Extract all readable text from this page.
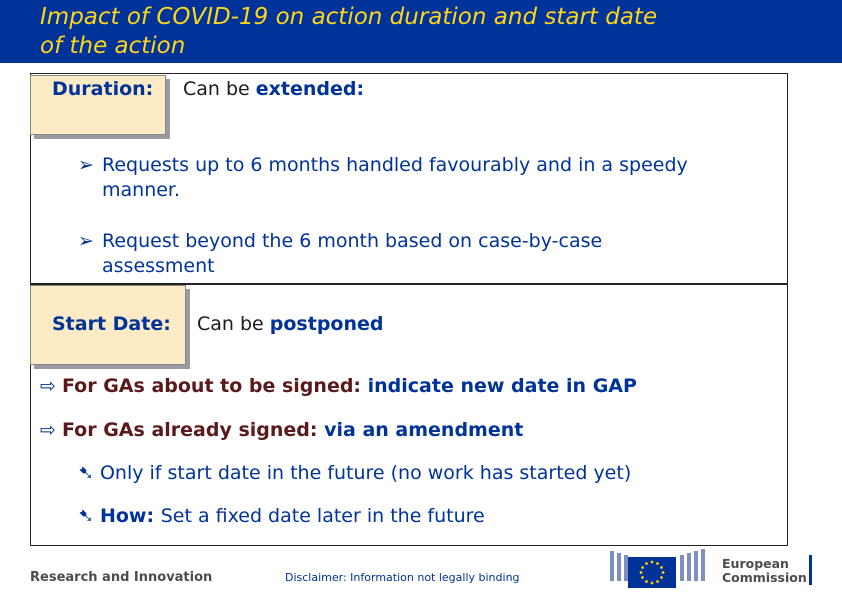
Impact of COVID-19 on action duration and start date
of the action
Duration: Can be extended:
➢ Requests up to 6 months handled favourably and in a speedy
manner.
➢ Request beyond the 6 month based on case-by-case
assessment
Start Date: Can be postponed
⇨ For GAs about to be signed: indicate new date in GAP
⇨ For GAs already signed: via an amendment
➷ Only if start date in the future (no work has started yet)
➷ How: Set a fixed date later in the future
Research and Innovation	Disclaimer: Information not legally binding
European
Commission
